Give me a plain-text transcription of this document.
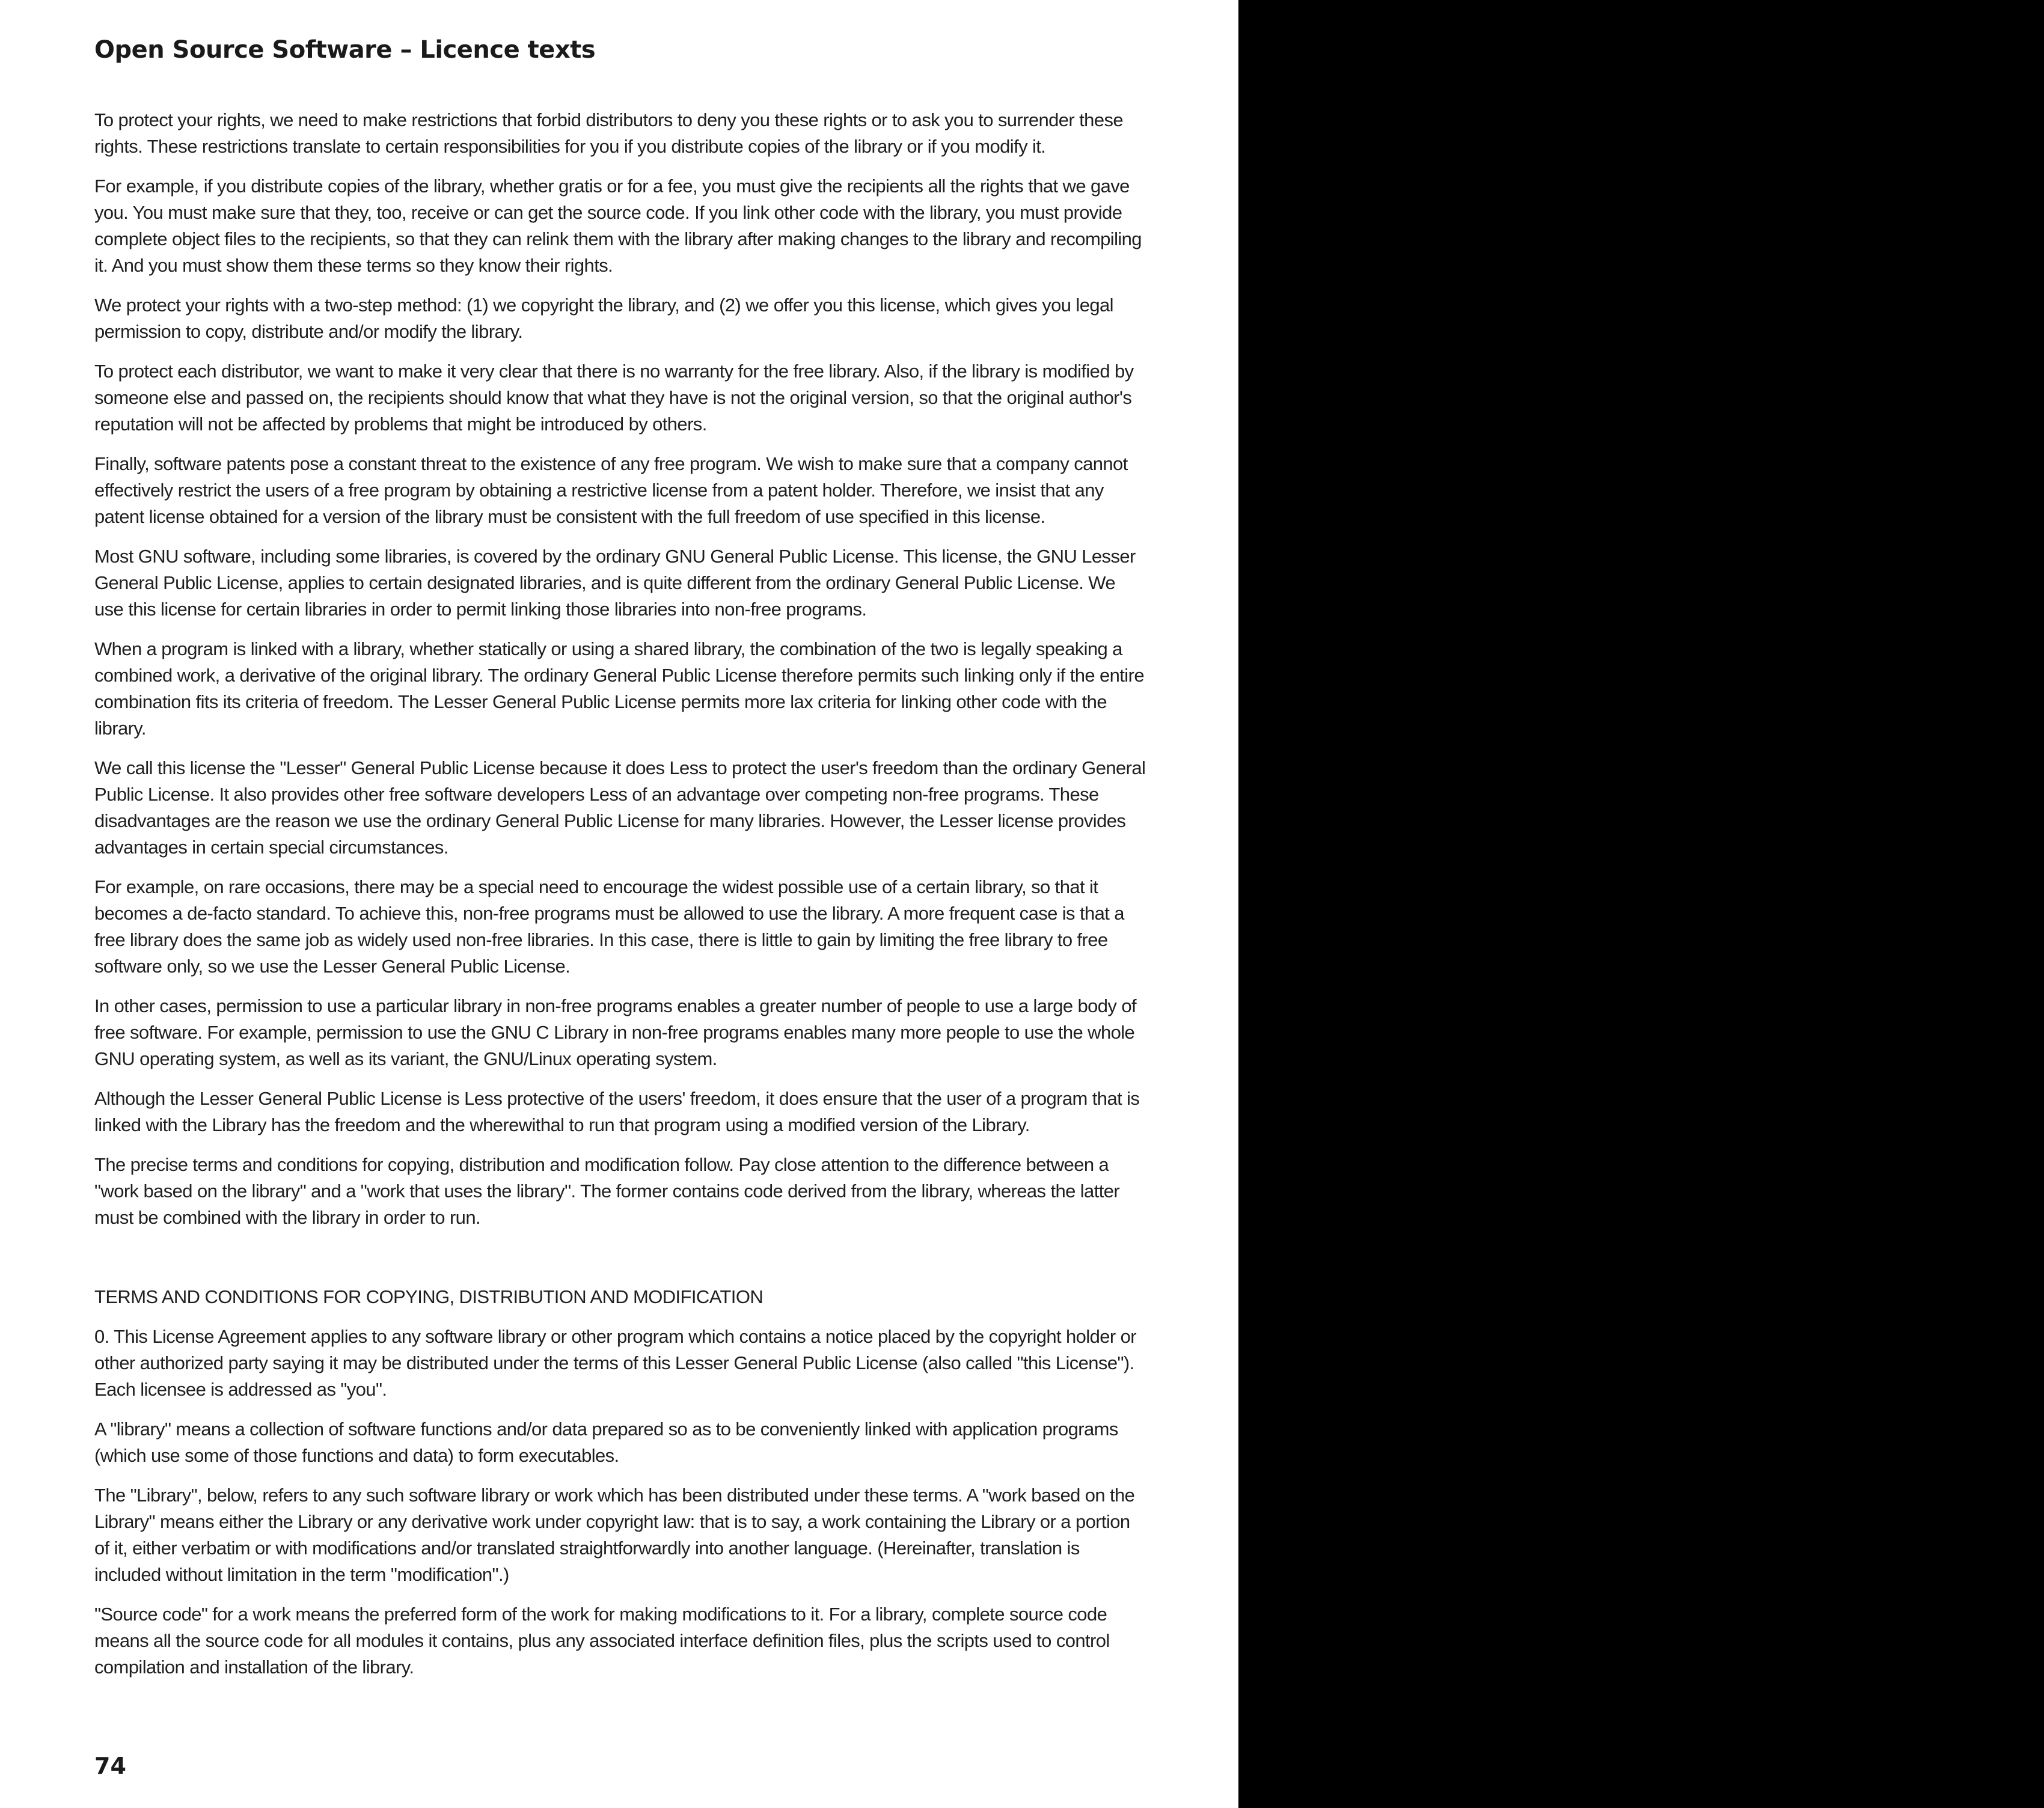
Open Source Software – Licence texts

To protect your rights, we need to make restrictions that forbid distributors to deny you these rights or to ask you to surrender these rights. These restrictions translate to certain responsibilities for you if you distribute copies of the library or if you modify it.

For example, if you distribute copies of the library, whether gratis or for a fee, you must give the recipients all the rights that we gave you. You must make sure that they, too, receive or can get the source code. If you link other code with the library, you must provide complete object files to the recipients, so that they can relink them with the library after making changes to the library and recompiling it. And you must show them these terms so they know their rights.

We protect your rights with a two-step method: (1) we copyright the library, and (2) we offer you this license, which gives you legal permission to copy, distribute and/or modify the library.

To protect each distributor, we want to make it very clear that there is no warranty for the free library. Also, if the library is modified by someone else and passed on, the recipients should know that what they have is not the original version, so that the original author's reputation will not be affected by problems that might be introduced by others.

Finally, software patents pose a constant threat to the existence of any free program. We wish to make sure that a company cannot effectively restrict the users of a free program by obtaining a restrictive license from a patent holder. Therefore, we insist that any patent license obtained for a version of the library must be consistent with the full freedom of use specified in this license.

Most GNU software, including some libraries, is covered by the ordinary GNU General Public License. This license, the GNU Lesser General Public License, applies to certain designated libraries, and is quite different from the ordinary General Public License. We use this license for certain libraries in order to permit linking those libraries into non-free programs.

When a program is linked with a library, whether statically or using a shared library, the combination of the two is legally speaking a combined work, a derivative of the original library. The ordinary General Public License therefore permits such linking only if the entire combination fits its criteria of freedom. The Lesser General Public License permits more lax criteria for linking other code with the library.

We call this license the "Lesser" General Public License because it does Less to protect the user's freedom than the ordinary General Public License. It also provides other free software developers Less of an advantage over competing non-free programs. These disadvantages are the reason we use the ordinary General Public License for many libraries. However, the Lesser license provides advantages in certain special circumstances.

For example, on rare occasions, there may be a special need to encourage the widest possible use of a certain library, so that it becomes a de-facto standard. To achieve this, non-free programs must be allowed to use the library. A more frequent case is that a free library does the same job as widely used non-free libraries. In this case, there is little to gain by limiting the free library to free software only, so we use the Lesser General Public License.

In other cases, permission to use a particular library in non-free programs enables a greater number of people to use a large body of free software. For example, permission to use the GNU C Library in non-free programs enables many more people to use the whole GNU operating system, as well as its variant, the GNU/Linux operating system.

Although the Lesser General Public License is Less protective of the users' freedom, it does ensure that the user of a program that is linked with the Library has the freedom and the wherewithal to run that program using a modified version of the Library.

The precise terms and conditions for copying, distribution and modification follow. Pay close attention to the difference between a "work based on the library" and a "work that uses the library". The former contains code derived from the library, whereas the latter must be combined with the library in order to run.

TERMS AND CONDITIONS FOR COPYING, DISTRIBUTION AND MODIFICATION

0. This License Agreement applies to any software library or other program which contains a notice placed by the copyright holder or other authorized party saying it may be distributed under the terms of this Lesser General Public License (also called "this License"). Each licensee is addressed as "you".

A "library" means a collection of software functions and/or data prepared so as to be conveniently linked with application programs (which use some of those functions and data) to form executables.

The "Library", below, refers to any such software library or work which has been distributed under these terms. A "work based on the Library" means either the Library or any derivative work under copyright law: that is to say, a work containing the Library or a portion of it, either verbatim or with modifications and/or translated straightforwardly into another language. (Hereinafter, translation is included without limitation in the term "modification".)

"Source code" for a work means the preferred form of the work for making modifications to it. For a library, complete source code means all the source code for all modules it contains, plus any associated interface definition files, plus the scripts used to control compilation and installation of the library.

74
